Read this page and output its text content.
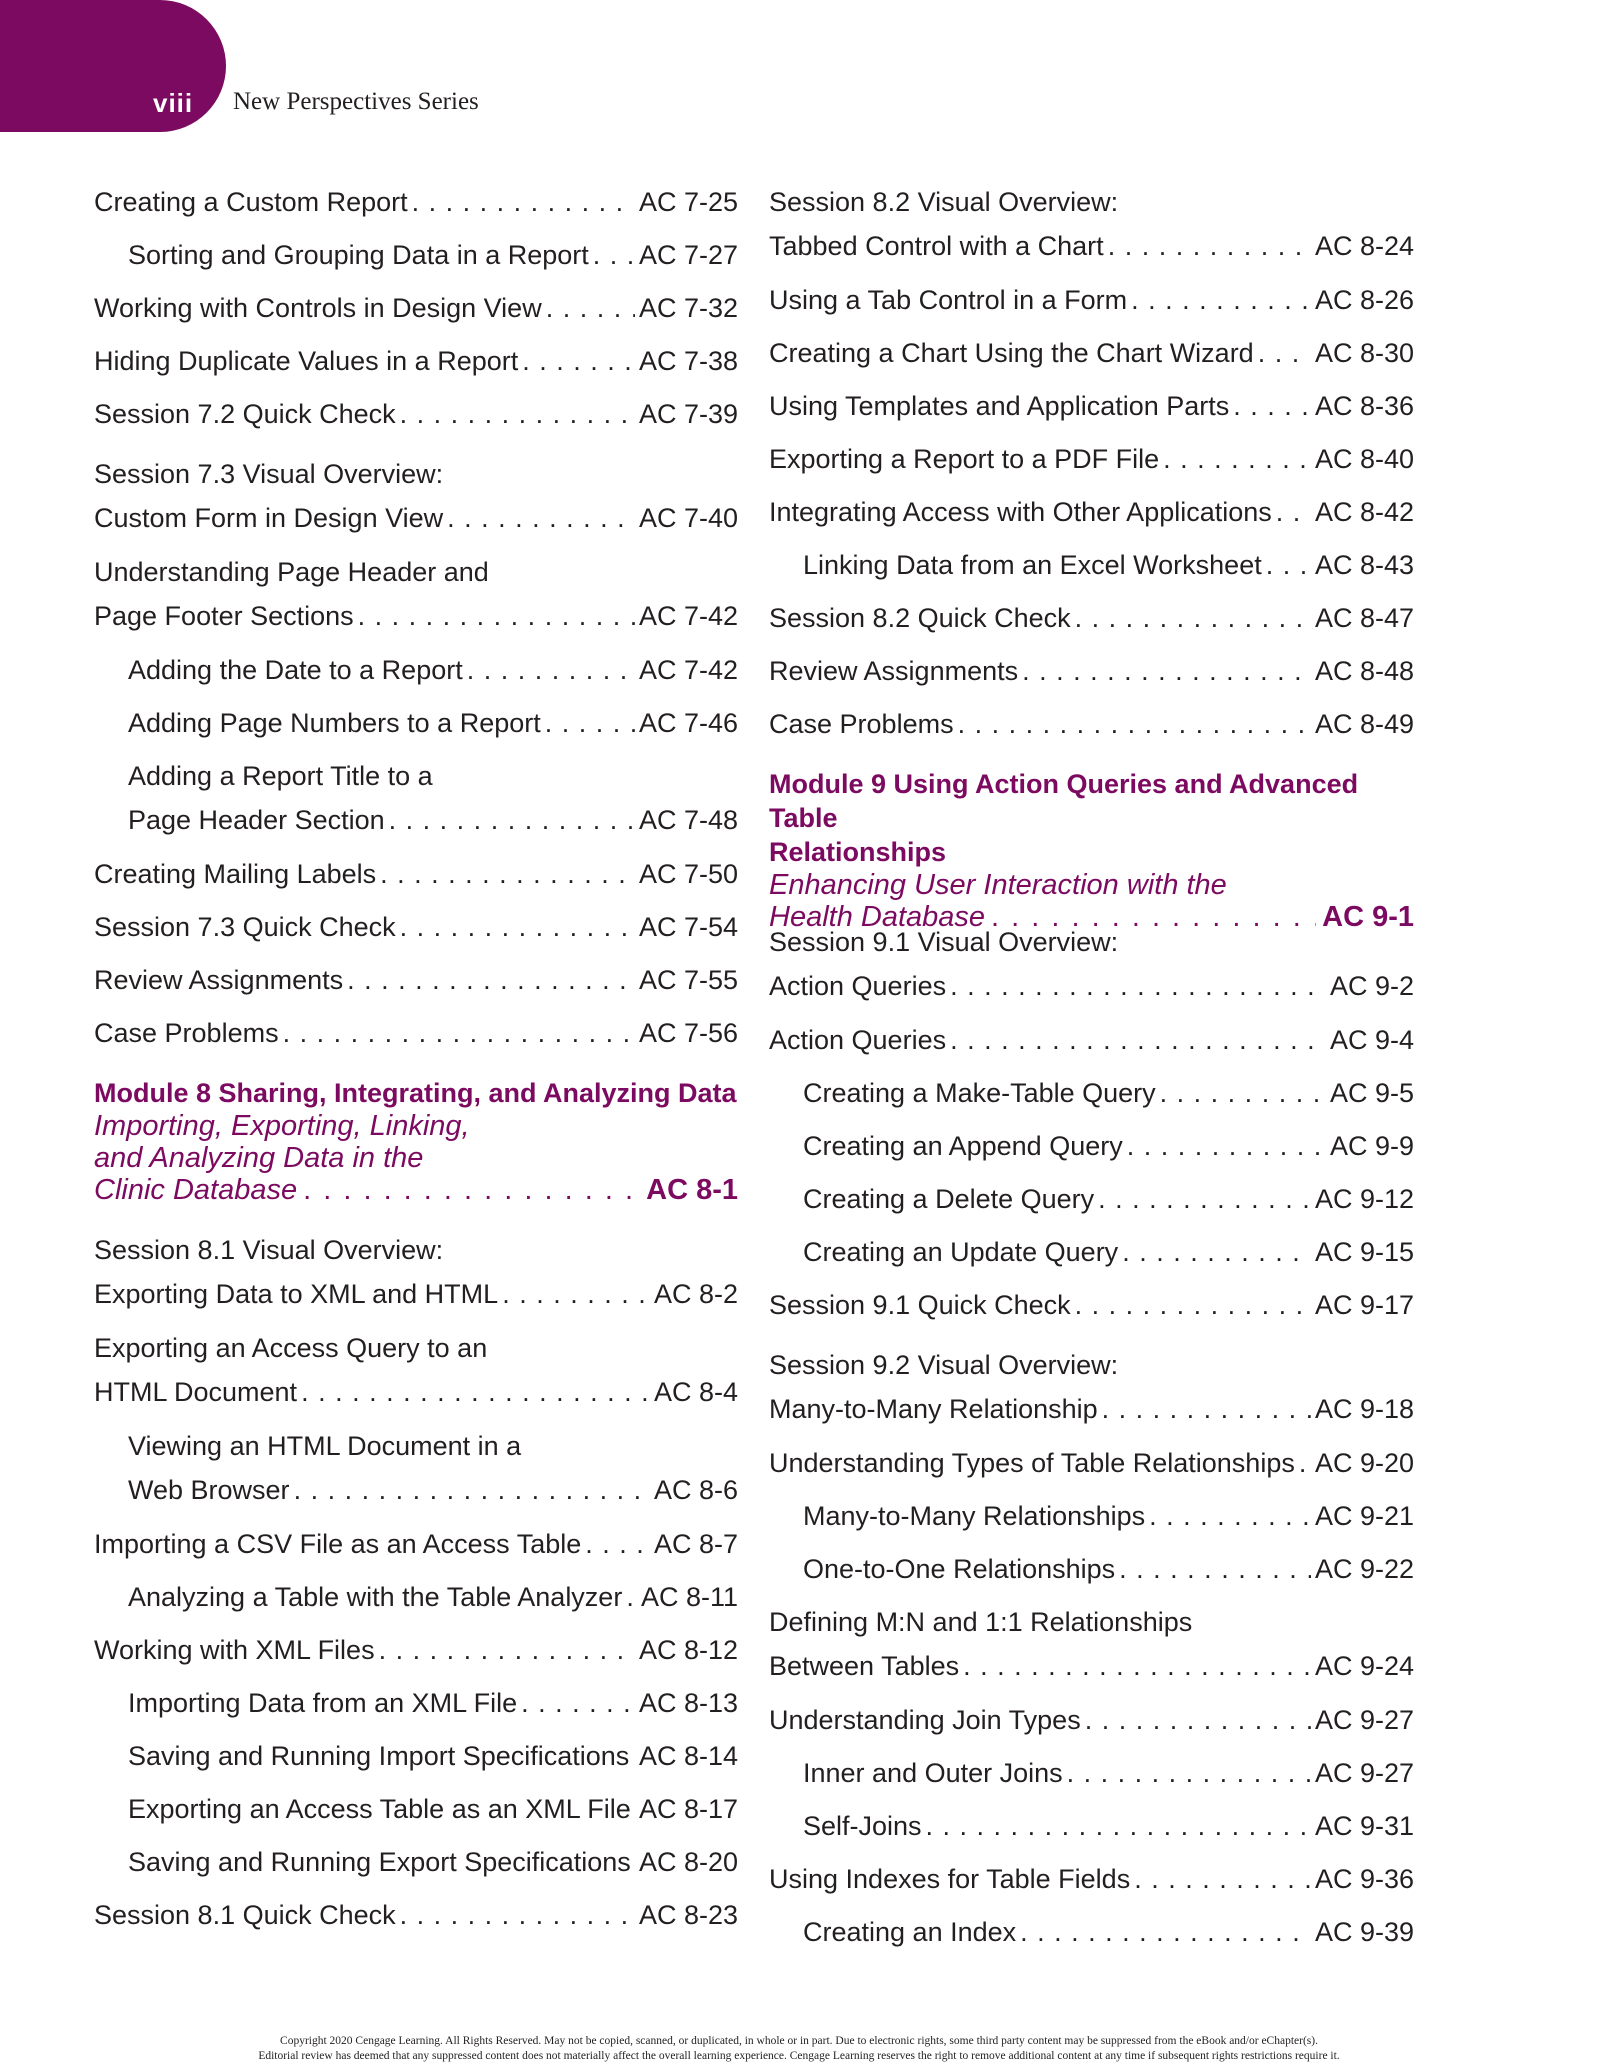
viii	New Perspectives Series
Creating a Custom Report . . .	AC 7-25
Sorting and Grouping Data in a Report . . . AC 7-27
Working with Controls in Design View . . .	AC 7-32
Hiding Duplicate Values in a Report . . .	AC 7-38
Session 7.2 Quick Check . . .	AC 7-39
Session 7.3 Visual Overview:
Custom Form in Design View . . .	AC 7-40
Understanding Page Header and
Page Footer Sections . . .	AC 7-42
Adding the Date to a Report . . .	AC 7-42
Adding Page Numbers to a Report . . .	AC 7-46
Adding a Report Title to a
Page Header Section . . .	AC 7-48
Creating Mailing Labels . . .	AC 7-50
Session 7.3 Quick Check . . .	AC 7-54
Review Assignments . . .	AC 7-55
Case Problems . . .	AC 7-56
Module 8 Sharing, Integrating, and Analyzing Data
Importing, Exporting, Linking,
and Analyzing Data in the
Clinic Database . . .	AC 8-1
Session 8.1 Visual Overview:
Exporting Data to XML and HTML . . .	AC 8-2
Exporting an Access Query to an
HTML Document . . .	AC 8-4
Viewing an HTML Document in a
Web Browser . . .	AC 8-6
Importing a CSV File as an Access Table . . .	AC 8-7
Analyzing a Table with the Table Analyzer . . . AC 8-11
Working with XML Files . . .	AC 8-12
Importing Data from an XML File . . .	AC 8-13
Saving and Running Import Specifications . . . AC 8-14
Exporting an Access Table as an XML File . . . AC 8-17
Saving and Running Export Specifications . . . AC 8-20
Session 8.1 Quick Check . . .	AC 8-23
Session 8.2 Visual Overview:
Tabbed Control with a Chart . . .	AC 8-24
Using a Tab Control in a Form . . .	AC 8-26
Creating a Chart Using the Chart Wizard . . . AC 8-30
Using Templates and Application Parts . . .	AC 8-36
Exporting a Report to a PDF File . . .	AC 8-40
Integrating Access with Other Applications . . . AC 8-42
Linking Data from an Excel Worksheet . . . AC 8-43
Session 8.2 Quick Check . . .	AC 8-47
Review Assignments . . .	AC 8-48
Case Problems . . .	AC 8-49
Module 9 Using Action Queries and Advanced Table
Relationships
Enhancing User Interaction with the
Health Database . . .	AC 9-1
Session 9.1 Visual Overview:
Action Queries . . .	AC 9-2
Action Queries . . .	AC 9-4
Creating a Make-Table Query . . .	AC 9-5
Creating an Append Query . . .	AC 9-9
Creating a Delete Query . . .	AC 9-12
Creating an Update Query . . .	AC 9-15
Session 9.1 Quick Check . . .	AC 9-17
Session 9.2 Visual Overview:
Many-to-Many Relationship . . .	AC 9-18
Understanding Types of Table Relationships . . . AC 9-20
Many-to-Many Relationships . . .	AC 9-21
One-to-One Relationships . . .	AC 9-22
Defining M:N and 1:1 Relationships
Between Tables . . .	AC 9-24
Understanding Join Types . . .	AC 9-27
Inner and Outer Joins . . .	AC 9-27
Self-Joins . . .	AC 9-31
Using Indexes for Table Fields . . .	AC 9-36
Creating an Index . . .	AC 9-39
Copyright 2020 Cengage Learning. All Rights Reserved. May not be copied, scanned, or duplicated, in whole or in part. Due to electronic rights, some third party content may be suppressed from the eBook and/or eChapter(s).
Editorial review has deemed that any suppressed content does not materially affect the overall learning experience. Cengage Learning reserves the right to remove additional content at any time if subsequent rights restrictions require it.
